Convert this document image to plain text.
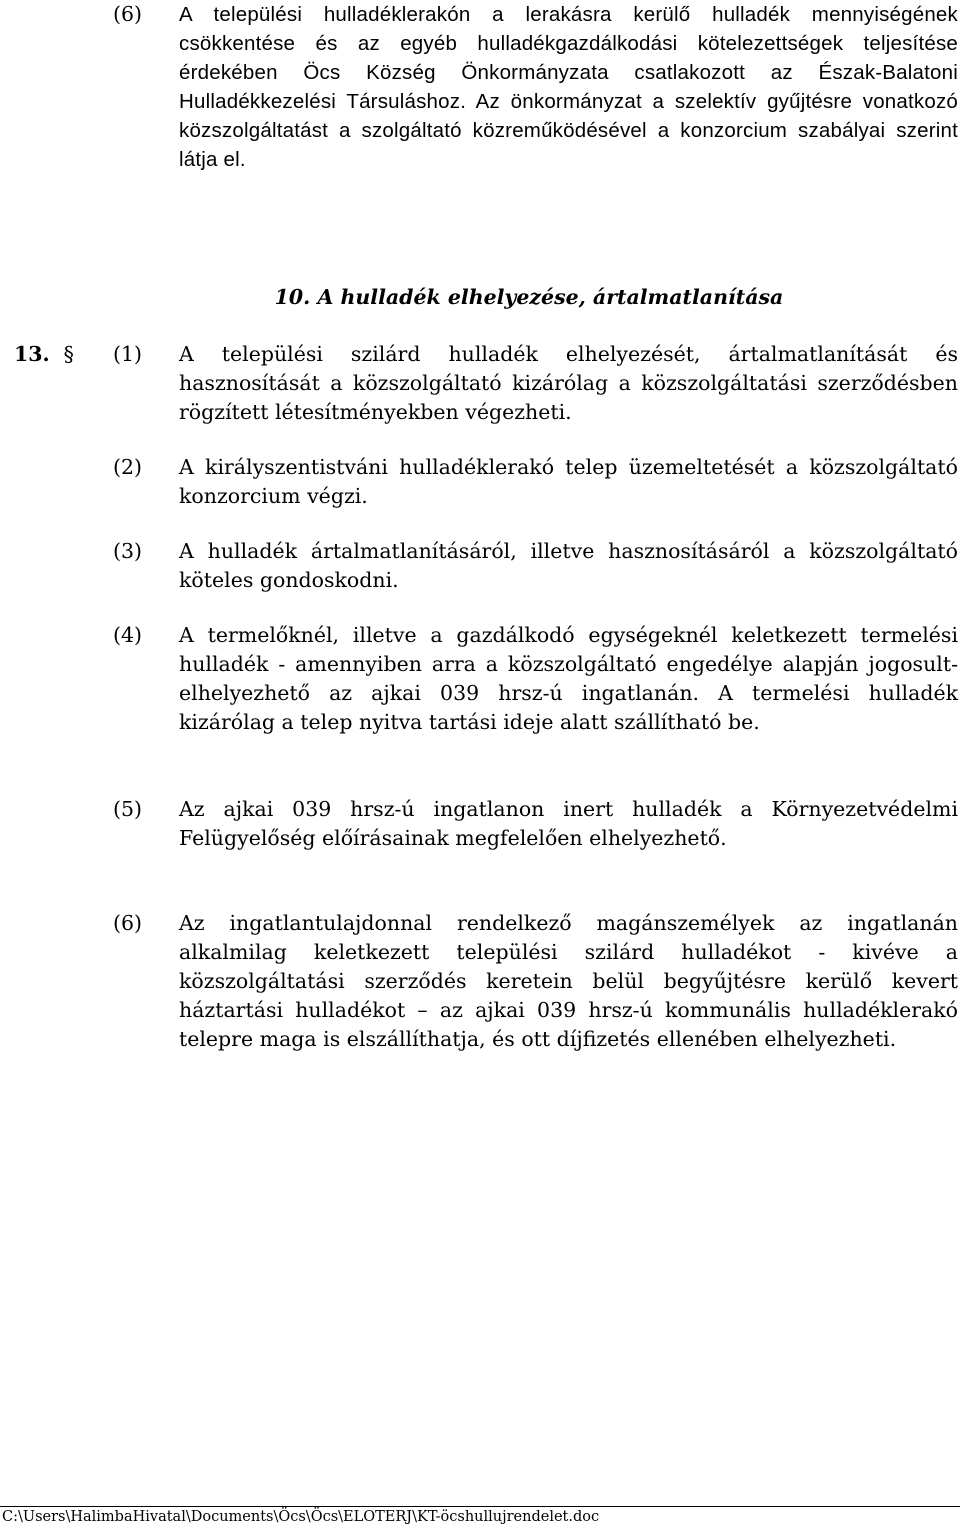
(6)	A települési hulladéklerakón a lerakásra kerülő hulladék mennyiségének csökkentése és az egyéb hulladékgazdálkodási kötelezettségek teljesítése érdekében Öcs Község Önkormányzata csatlakozott az Észak-Balatoni Hulladékkezelési Társuláshoz. Az önkormányzat a szelektív gyűjtésre vonatkozó közszolgáltatást a szolgáltató közreműködésével a konzorcium szabályai szerint látja el.
10. A hulladék elhelyezése, ártalmatlanítása
13. § (1)	A települési szilárd hulladék elhelyezését, ártalmatlanítását és hasznosítását a közszolgáltató kizárólag a közszolgáltatási szerződésben rögzített létesítményekben végezheti.
(2)	A királyszentistváni hulladéklerakó telep üzemeltetését a közszolgáltató konzorcium végzi.
(3)	A hulladék ártalmatlanításáról, illetve hasznosításáról a közszolgáltató köteles gondoskodni.
(4)	A termelőknél, illetve a gazdálkodó egységeknél keletkezett termelési hulladék - amennyiben arra a közszolgáltató engedélye alapján jogosult- elhelyezhető az ajkai 039 hrsz-ú ingatlanán. A termelési hulladék kizárólag a telep nyitva tartási ideje alatt szállítható be.
(5)	Az ajkai 039 hrsz-ú ingatlanon inert hulladék a Környezetvédelmi Felügyelőség előírásainak megfelelően elhelyezhető.
(6)	Az ingatlantulajdonnal rendelkező magánszemélyek az ingatlanán alkalmilag keletkezett települési szilárd hulladékot - kivéve a közszolgáltatási szerződés keretein belül begyűjtésre kerülő kevert háztartási hulladékot – az ajkai 039 hrsz-ú kommunális hulladéklerakó telepre maga is elszállíthatja, és ott díjfizetés ellenében elhelyezheti.
C:\Users\HalimbaHivatal\Documents\Öcs\Öcs\ELOTERJ\KT-öcshullujrendelet.doc
